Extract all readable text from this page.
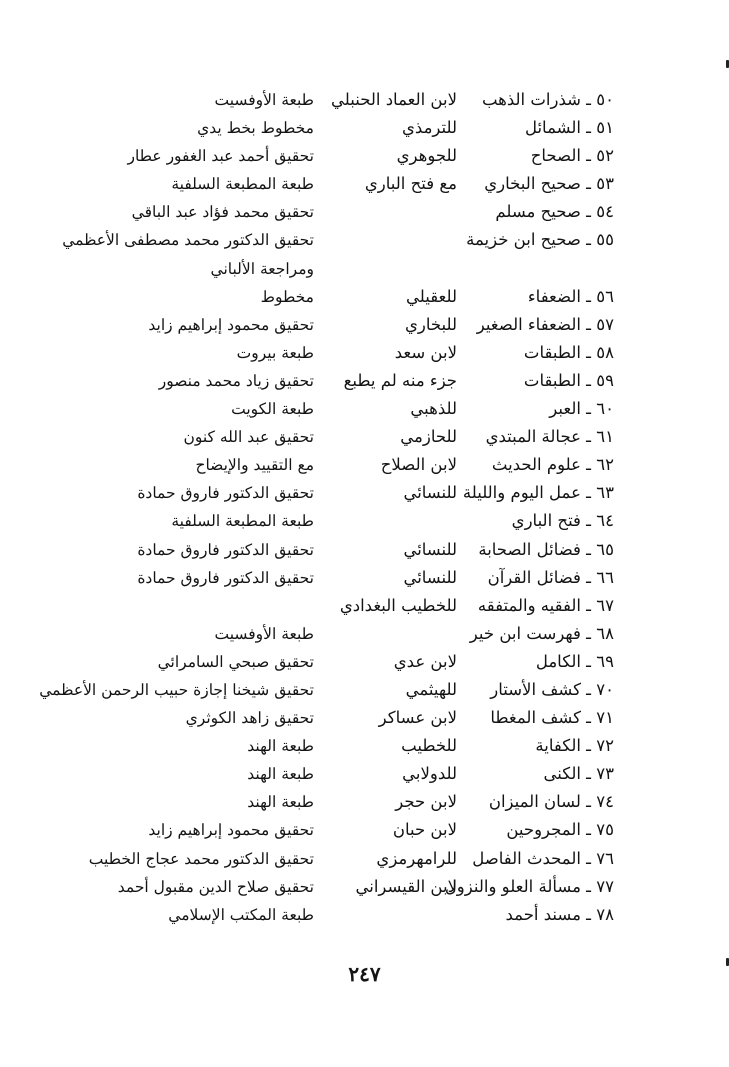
٥٠ ـ شذرات الذهب
لابن العماد الحنبلي
طبعة الأوفسيت
٥١ ـ الشمائل
للترمذي
مخطوط بخط يدي
٥٢ ـ الصحاح
للجوهري
تحقيق أحمد عبد الغفور عطار
٥٣ ـ صحيح البخاري
مع فتح الباري
طبعة المطبعة السلفية
٥٤ ـ صحيح مسلم
تحقيق محمد فؤاد عبد الباقي
٥٥ ـ صحيح ابن خزيمة
تحقيق الدكتور محمد مصطفى الأعظمي
ومراجعة الألباني
٥٦ ـ الضعفاء
للعقيلي
مخطوط
٥٧ ـ الضعفاء الصغير
للبخاري
تحقيق محمود إبراهيم زايد
٥٨ ـ الطبقات
لابن سعد
طبعة بيروت
٥٩ ـ الطبقات
جزء منه لم يطبع
تحقيق زياد محمد منصور
٦٠ ـ العبر
للذهبي
طبعة الكويت
٦١ ـ عجالة المبتدي
للحازمي
تحقيق عبد الله كنون
٦٢ ـ علوم الحديث
لابن الصلاح
مع التقييد والإيضاح
٦٣ ـ عمل اليوم والليلة
للنسائي
تحقيق الدكتور فاروق حمادة
٦٤ ـ فتح الباري
طبعة المطبعة السلفية
٦٥ ـ فضائل الصحابة
للنسائي
تحقيق الدكتور فاروق حمادة
٦٦ ـ فضائل القرآن
للنسائي
تحقيق الدكتور فاروق حمادة
٦٧ ـ الفقيه والمتفقه
للخطيب البغدادي
٦٨ ـ فهرست ابن خير
طبعة الأوفسيت
٦٩ ـ الكامل
لابن عدي
تحقيق صبحي السامرائي
٧٠ ـ كشف الأستار
للهيثمي
تحقيق شيخنا إجازة حبيب الرحمن الأعظمي
٧١ ـ كشف المغطا
لابن عساكر
تحقيق زاهد الكوثري
٧٢ ـ الكفاية
للخطيب
طبعة الهند
٧٣ ـ الكنى
للدولابي
طبعة الهند
٧٤ ـ لسان الميزان
لابن حجر
طبعة الهند
٧٥ ـ المجروحين
لابن حبان
تحقيق محمود إبراهيم زايد
٧٦ ـ المحدث الفاصل
للرامهرمزي
تحقيق الدكتور محمد عجاج الخطيب
٧٧ ـ مسألة العلو والنزول
لابن القيسراني
تحقيق صلاح الدين مقبول أحمد
٧٨ ـ مسند أحمد
طبعة المكتب الإسلامي
٢٤٧
